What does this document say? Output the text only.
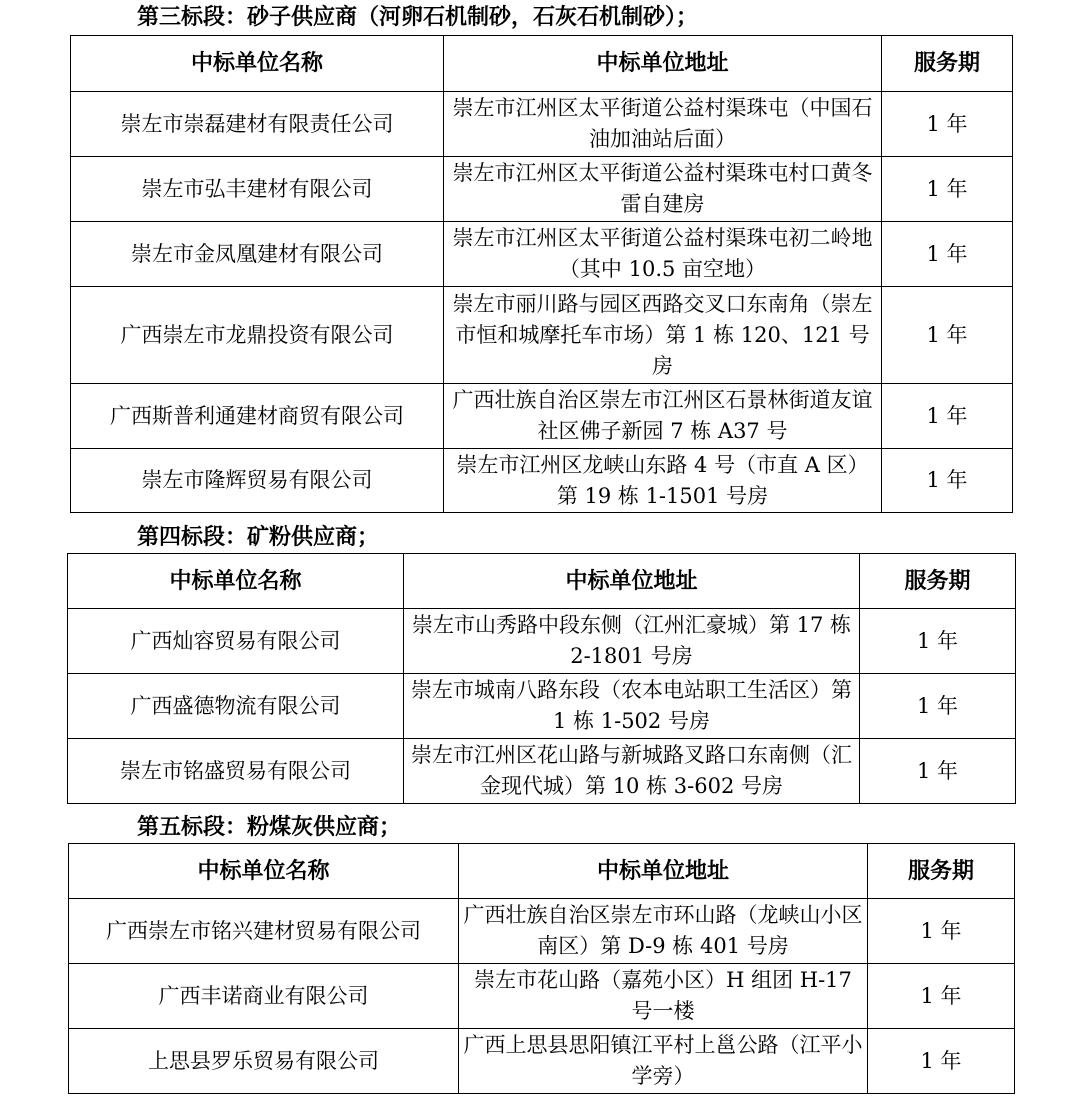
第三标段：砂子供应商（河卵石机制砂，石灰石机制砂）；
中标单位名称	中标单位地址	服务期
崇左市崇磊建材有限责任公司	崇左市江州区太平街道公益村渠珠屯（中国石油加油站后面）	1 年
崇左市弘丰建材有限公司	崇左市江州区太平街道公益村渠珠屯村口黄冬雷自建房	1 年
崇左市金凤凰建材有限公司	崇左市江州区太平街道公益村渠珠屯初二岭地（其中 10.5 亩空地）	1 年
广西崇左市龙鼎投资有限公司	崇左市丽川路与园区西路交叉口东南角（崇左市恒和城摩托车市场）第 1 栋 120、121 号房	1 年
广西斯普利通建材商贸有限公司	广西壮族自治区崇左市江州区石景林街道友谊社区佛子新园 7 栋 A37 号	1 年
崇左市隆辉贸易有限公司	崇左市江州区龙峡山东路 4 号（市直 A 区）第 19 栋 1-1501 号房	1 年
第四标段：矿粉供应商；
中标单位名称	中标单位地址	服务期
广西灿容贸易有限公司	崇左市山秀路中段东侧（江州汇豪城）第 17 栋 2-1801 号房	1 年
广西盛德物流有限公司	崇左市城南八路东段（农本电站职工生活区）第 1 栋 1-502 号房	1 年
崇左市铭盛贸易有限公司	崇左市江州区花山路与新城路叉路口东南侧（汇金现代城）第 10 栋 3-602 号房	1 年
第五标段：粉煤灰供应商；
中标单位名称	中标单位地址	服务期
广西崇左市铭兴建材贸易有限公司	广西壮族自治区崇左市环山路（龙峡山小区南区）第 D-9 栋 401 号房	1 年
广西丰诺商业有限公司	崇左市花山路（嘉苑小区）H 组团 H-17 号一楼	1 年
上思县罗乐贸易有限公司	广西上思县思阳镇江平村上邕公路（江平小学旁）	1 年
